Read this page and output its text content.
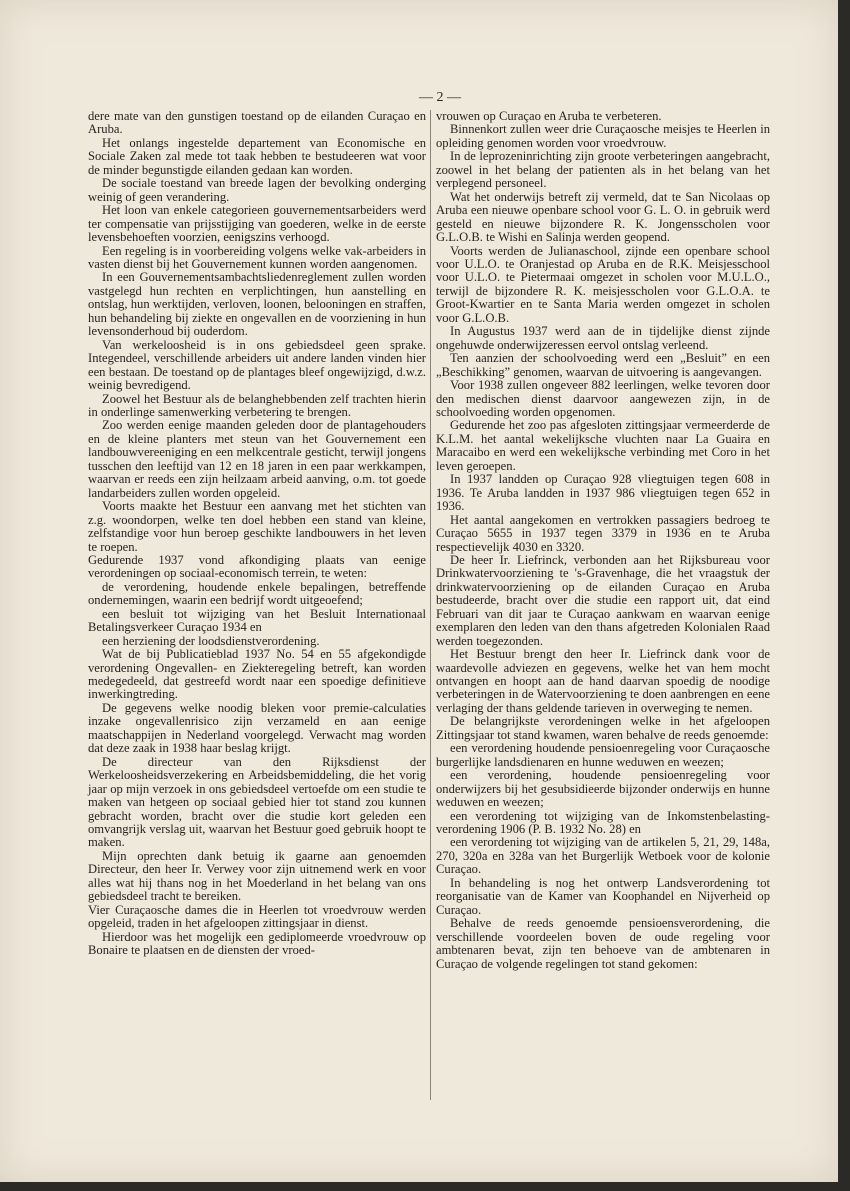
— 2 —

dere mate van den gunstigen toestand op de eilanden Curaçao en Aruba.

Het onlangs ingestelde departement van Economische en Sociale Zaken zal mede tot taak hebben te bestudeeren wat voor de minder begunstigde eilanden gedaan kan worden.

De sociale toestand van breede lagen der bevolking onderging weinig of geen verandering.

Het loon van enkele categorieen gouvernementsarbeiders werd ter compensatie van prijsstijging van goederen, welke in de eerste levensbehoeften voorzien, eenigszins verhoogd.

Een regeling is in voorbereiding volgens welke vak-arbeiders in vasten dienst bij het Gouvernement kunnen worden aangenomen.

In een Gouvernementsambachtsliedenreglement zullen worden vastgelegd hun rechten en verplichtingen, hun aanstelling en ontslag, hun werktijden, verloven, loonen, belooningen en straffen, hun behandeling bij ziekte en ongevallen en de voorziening in hun levensonderhoud bij ouderdom.

Van werkeloosheid is in ons gebiedsdeel geen sprake. Integendeel, verschillende arbeiders uit andere landen vinden hier een bestaan. De toestand op de plantages bleef ongewijzigd, d.w.z. weinig bevredigend.

Zoowel het Bestuur als de belanghebbenden zelf trachten hierin in onderlinge samenwerking verbetering te brengen.

Zoo werden eenige maanden geleden door de plantagehouders en de kleine planters met steun van het Gouvernement een landbouwvereeniging en een melkcentrale gesticht, terwijl jongens tusschen den leeftijd van 12 en 18 jaren in een paar werkkampen, waarvan er reeds een zijn heilzaam arbeid aanving, o.m. tot goede landarbeiders zullen worden opgeleid.

Voorts maakte het Bestuur een aanvang met het stichten van z.g. woondorpen, welke ten doel hebben een stand van kleine, zelfstandige voor hun beroep geschikte landbouwers in het leven te roepen.

Gedurende 1937 vond afkondiging plaats van eenige verordeningen op sociaal-economisch terrein, te weten:

de verordening, houdende enkele bepalingen, betreffende ondernemingen, waarin een bedrijf wordt uitgeoefend;

een besluit tot wijziging van het Besluit Internationaal Betalingsverkeer Curaçao 1934 en

een herziening der loodsdienstverordening.

Wat de bij Publicatieblad 1937 No. 54 en 55 afgekondigde verordening Ongevallen- en Ziekteregeling betreft, kan worden medegedeeld, dat gestreefd wordt naar een spoedige definitieve inwerkingtreding.

De gegevens welke noodig bleken voor premie-calculaties inzake ongevallenrisico zijn verzameld en aan eenige maatschappijen in Nederland voorgelegd. Verwacht mag worden dat deze zaak in 1938 haar beslag krijgt.

De directeur van den Rijksdienst der Werkeloosheidsverzekering en Arbeidsbemiddeling, die het vorig jaar op mijn verzoek in ons gebiedsdeel vertoefde om een studie te maken van hetgeen op sociaal gebied hier tot stand zou kunnen gebracht worden, bracht over die studie kort geleden een omvangrijk verslag uit, waarvan het Bestuur goed gebruik hoopt te maken.

Mijn oprechten dank betuig ik gaarne aan genoemden Directeur, den heer Ir. Verwey voor zijn uitnemend werk en voor alles wat hij thans nog in het Moederland in het belang van ons gebiedsdeel tracht te bereiken.

Vier Curaçaosche dames die in Heerlen tot vroedvrouw werden opgeleid, traden in het afgeloopen zittingsjaar in dienst.

Hierdoor was het mogelijk een gediplomeerde vroedvrouw op Bonaire te plaatsen en de diensten der vroed-

vrouwen op Curaçao en Aruba te verbeteren.

Binnenkort zullen weer drie Curaçaosche meisjes te Heerlen in opleiding genomen worden voor vroedvrouw.

In de leprozeninrichting zijn groote verbeteringen aangebracht, zoowel in het belang der patienten als in het belang van het verplegend personeel.

Wat het onderwijs betreft zij vermeld, dat te San Nicolaas op Aruba een nieuwe openbare school voor G. L. O. in gebruik werd gesteld en nieuwe bijzondere R. K. Jongensscholen voor G.L.O.B. te Wishi en Salinja werden geopend.

Voorts werden de Julianaschool, zijnde een openbare school voor U.L.O. te Oranjestad op Aruba en de R.K. Meisjesschool voor U.L.O. te Pietermaai omgezet in scholen voor M.U.L.O., terwijl de bijzondere R. K. meisjesscholen voor G.L.O.A. te Groot-Kwartier en te Santa Maria werden omgezet in scholen voor G.L.O.B.

In Augustus 1937 werd aan de in tijdelijke dienst zijnde ongehuwde onderwijzeressen eervol ontslag verleend.

Ten aanzien der schoolvoeding werd een „Besluit” en een „Beschikking” genomen, waarvan de uitvoering is aangevangen.

Voor 1938 zullen ongeveer 882 leerlingen, welke tevoren door den medischen dienst daarvoor aangewezen zijn, in de schoolvoeding worden opgenomen.

Gedurende het zoo pas afgesloten zittingsjaar vermeerderde de K.L.M. het aantal wekelijksche vluchten naar La Guaira en Maracaibo en werd een wekelijksche verbinding met Coro in het leven geroepen.

In 1937 landden op Curaçao 928 vliegtuigen tegen 608 in 1936. Te Aruba landden in 1937 986 vliegtuigen tegen 652 in 1936.

Het aantal aangekomen en vertrokken passagiers bedroeg te Curaçao 5655 in 1937 tegen 3379 in 1936 en te Aruba respectievelijk 4030 en 3320.

De heer Ir. Liefrinck, verbonden aan het Rijksbureau voor Drinkwatervoorziening te 's-Gravenhage, die het vraagstuk der drinkwatervoorziening op de eilanden Curaçao en Aruba bestudeerde, bracht over die studie een rapport uit, dat eind Februari van dit jaar te Curaçao aankwam en waarvan eenige exemplaren den leden van den thans afgetreden Kolonialen Raad werden toegezonden.

Het Bestuur brengt den heer Ir. Liefrinck dank voor de waardevolle adviezen en gegevens, welke het van hem mocht ontvangen en hoopt aan de hand daarvan spoedig de noodige verbeteringen in de Watervoorziening te doen aanbrengen en eene verlaging der thans geldende tarieven in overweging te nemen.

De belangrijkste verordeningen welke in het afgeloopen Zittingsjaar tot stand kwamen, waren behalve de reeds genoemde:

een verordening houdende pensioenregeling voor Curaçaosche burgerlijke landsdienaren en hunne weduwen en weezen;

een verordening, houdende pensioenregeling voor onderwijzers bij het gesubsidieerde bijzonder onderwijs en hunne weduwen en weezen;

een verordening tot wijziging van de Inkomstenbelasting-verordening 1906 (P. B. 1932 No. 28) en

een verordening tot wijziging van de artikelen 5, 21, 29, 148a, 270, 320a en 328a van het Burgerlijk Wetboek voor de kolonie Curaçao.

In behandeling is nog het ontwerp Landsverordening tot reorganisatie van de Kamer van Koophandel en Nijverheid op Curaçao.

Behalve de reeds genoemde pensioensverordening, die verschillende voordeelen boven de oude regeling voor ambtenaren bevat, zijn ten behoeve van de ambtenaren in Curaçao de volgende regelingen tot stand gekomen:
